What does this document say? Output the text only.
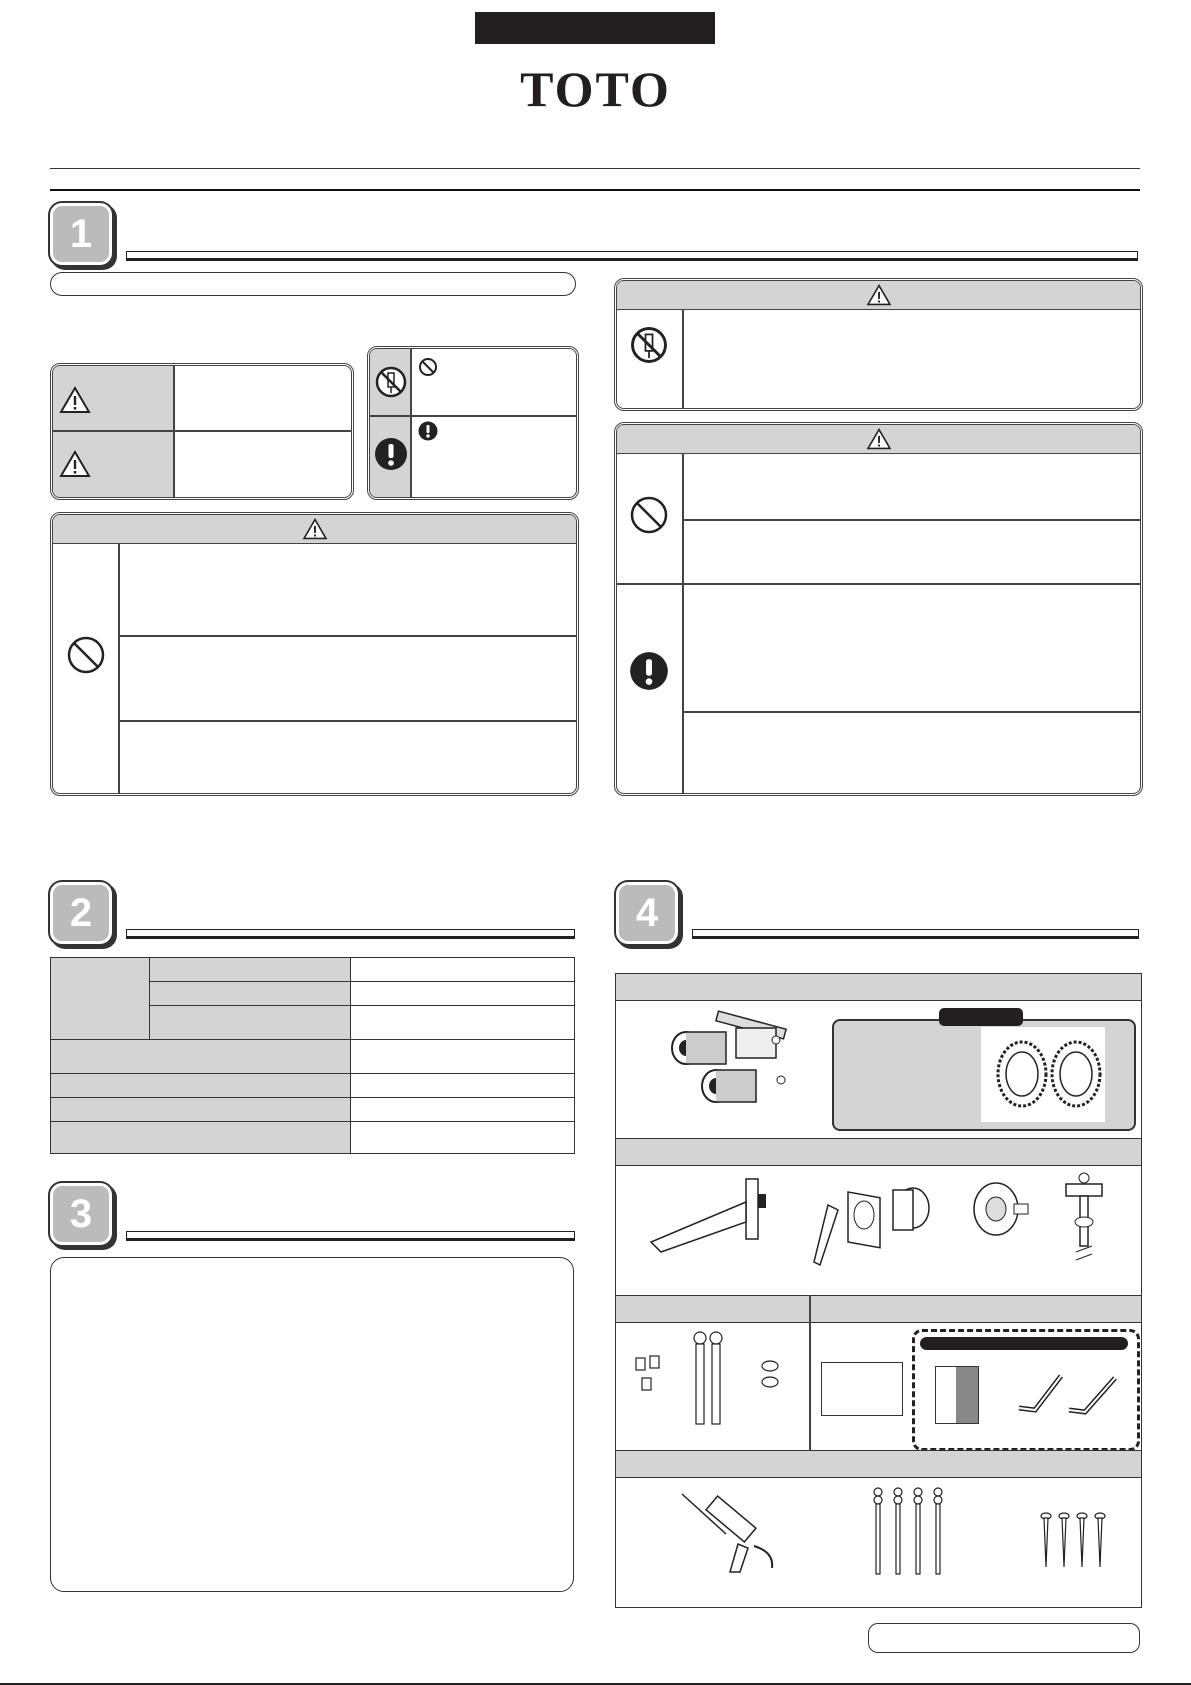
TOTO
1
2

3
4
